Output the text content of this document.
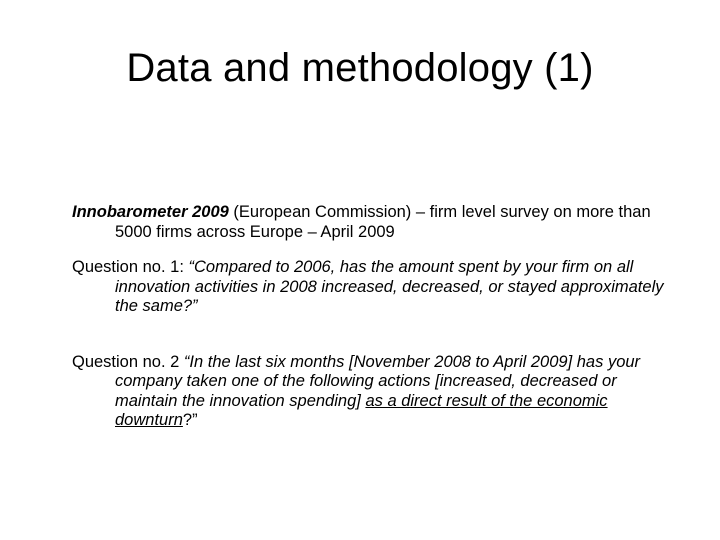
Data and methodology (1)

Innobarometer 2009 (European Commission) – firm level survey on more than 5000 firms across Europe – April 2009

Question no. 1: “Compared to 2006, has the amount spent by your firm on all innovation activities in 2008 increased, decreased, or stayed approximately the same?”

Question no. 2 “In the last six months [November 2008 to April 2009] has your company taken one of the following actions [increased, decreased or maintain the innovation spending] as a direct result of the economic downturn?”
